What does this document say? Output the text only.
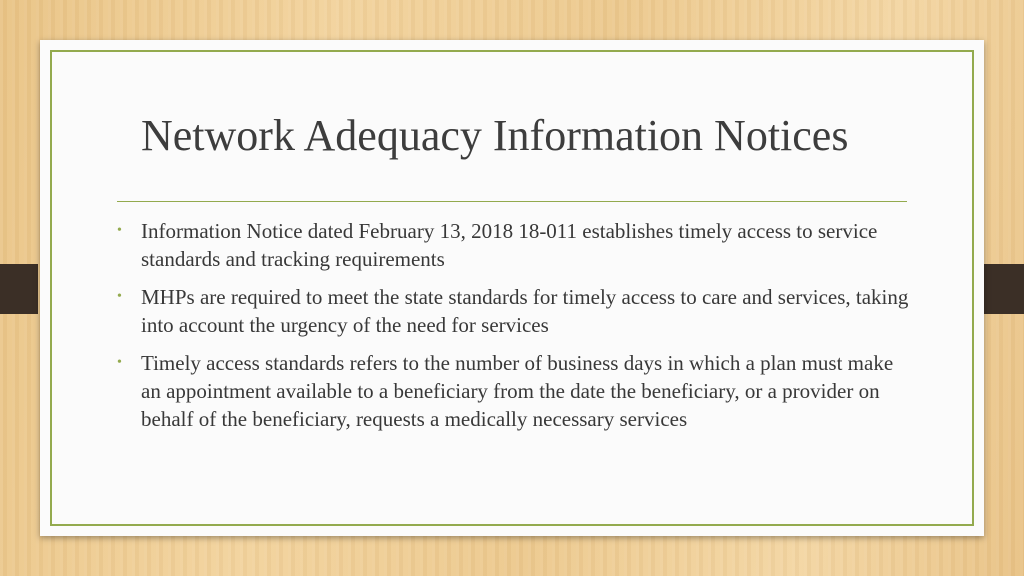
Network Adequacy Information Notices
• Information Notice dated February 13, 2018 18-011 establishes timely access to service standards and tracking requirements
• MHPs are required to meet the state standards for timely access to care and services, taking into account the urgency of the need for services
• Timely access standards refers to the number of business days in which a plan must make an appointment available to a beneficiary from the date the beneficiary, or a provider on behalf of the beneficiary, requests a medically necessary services
